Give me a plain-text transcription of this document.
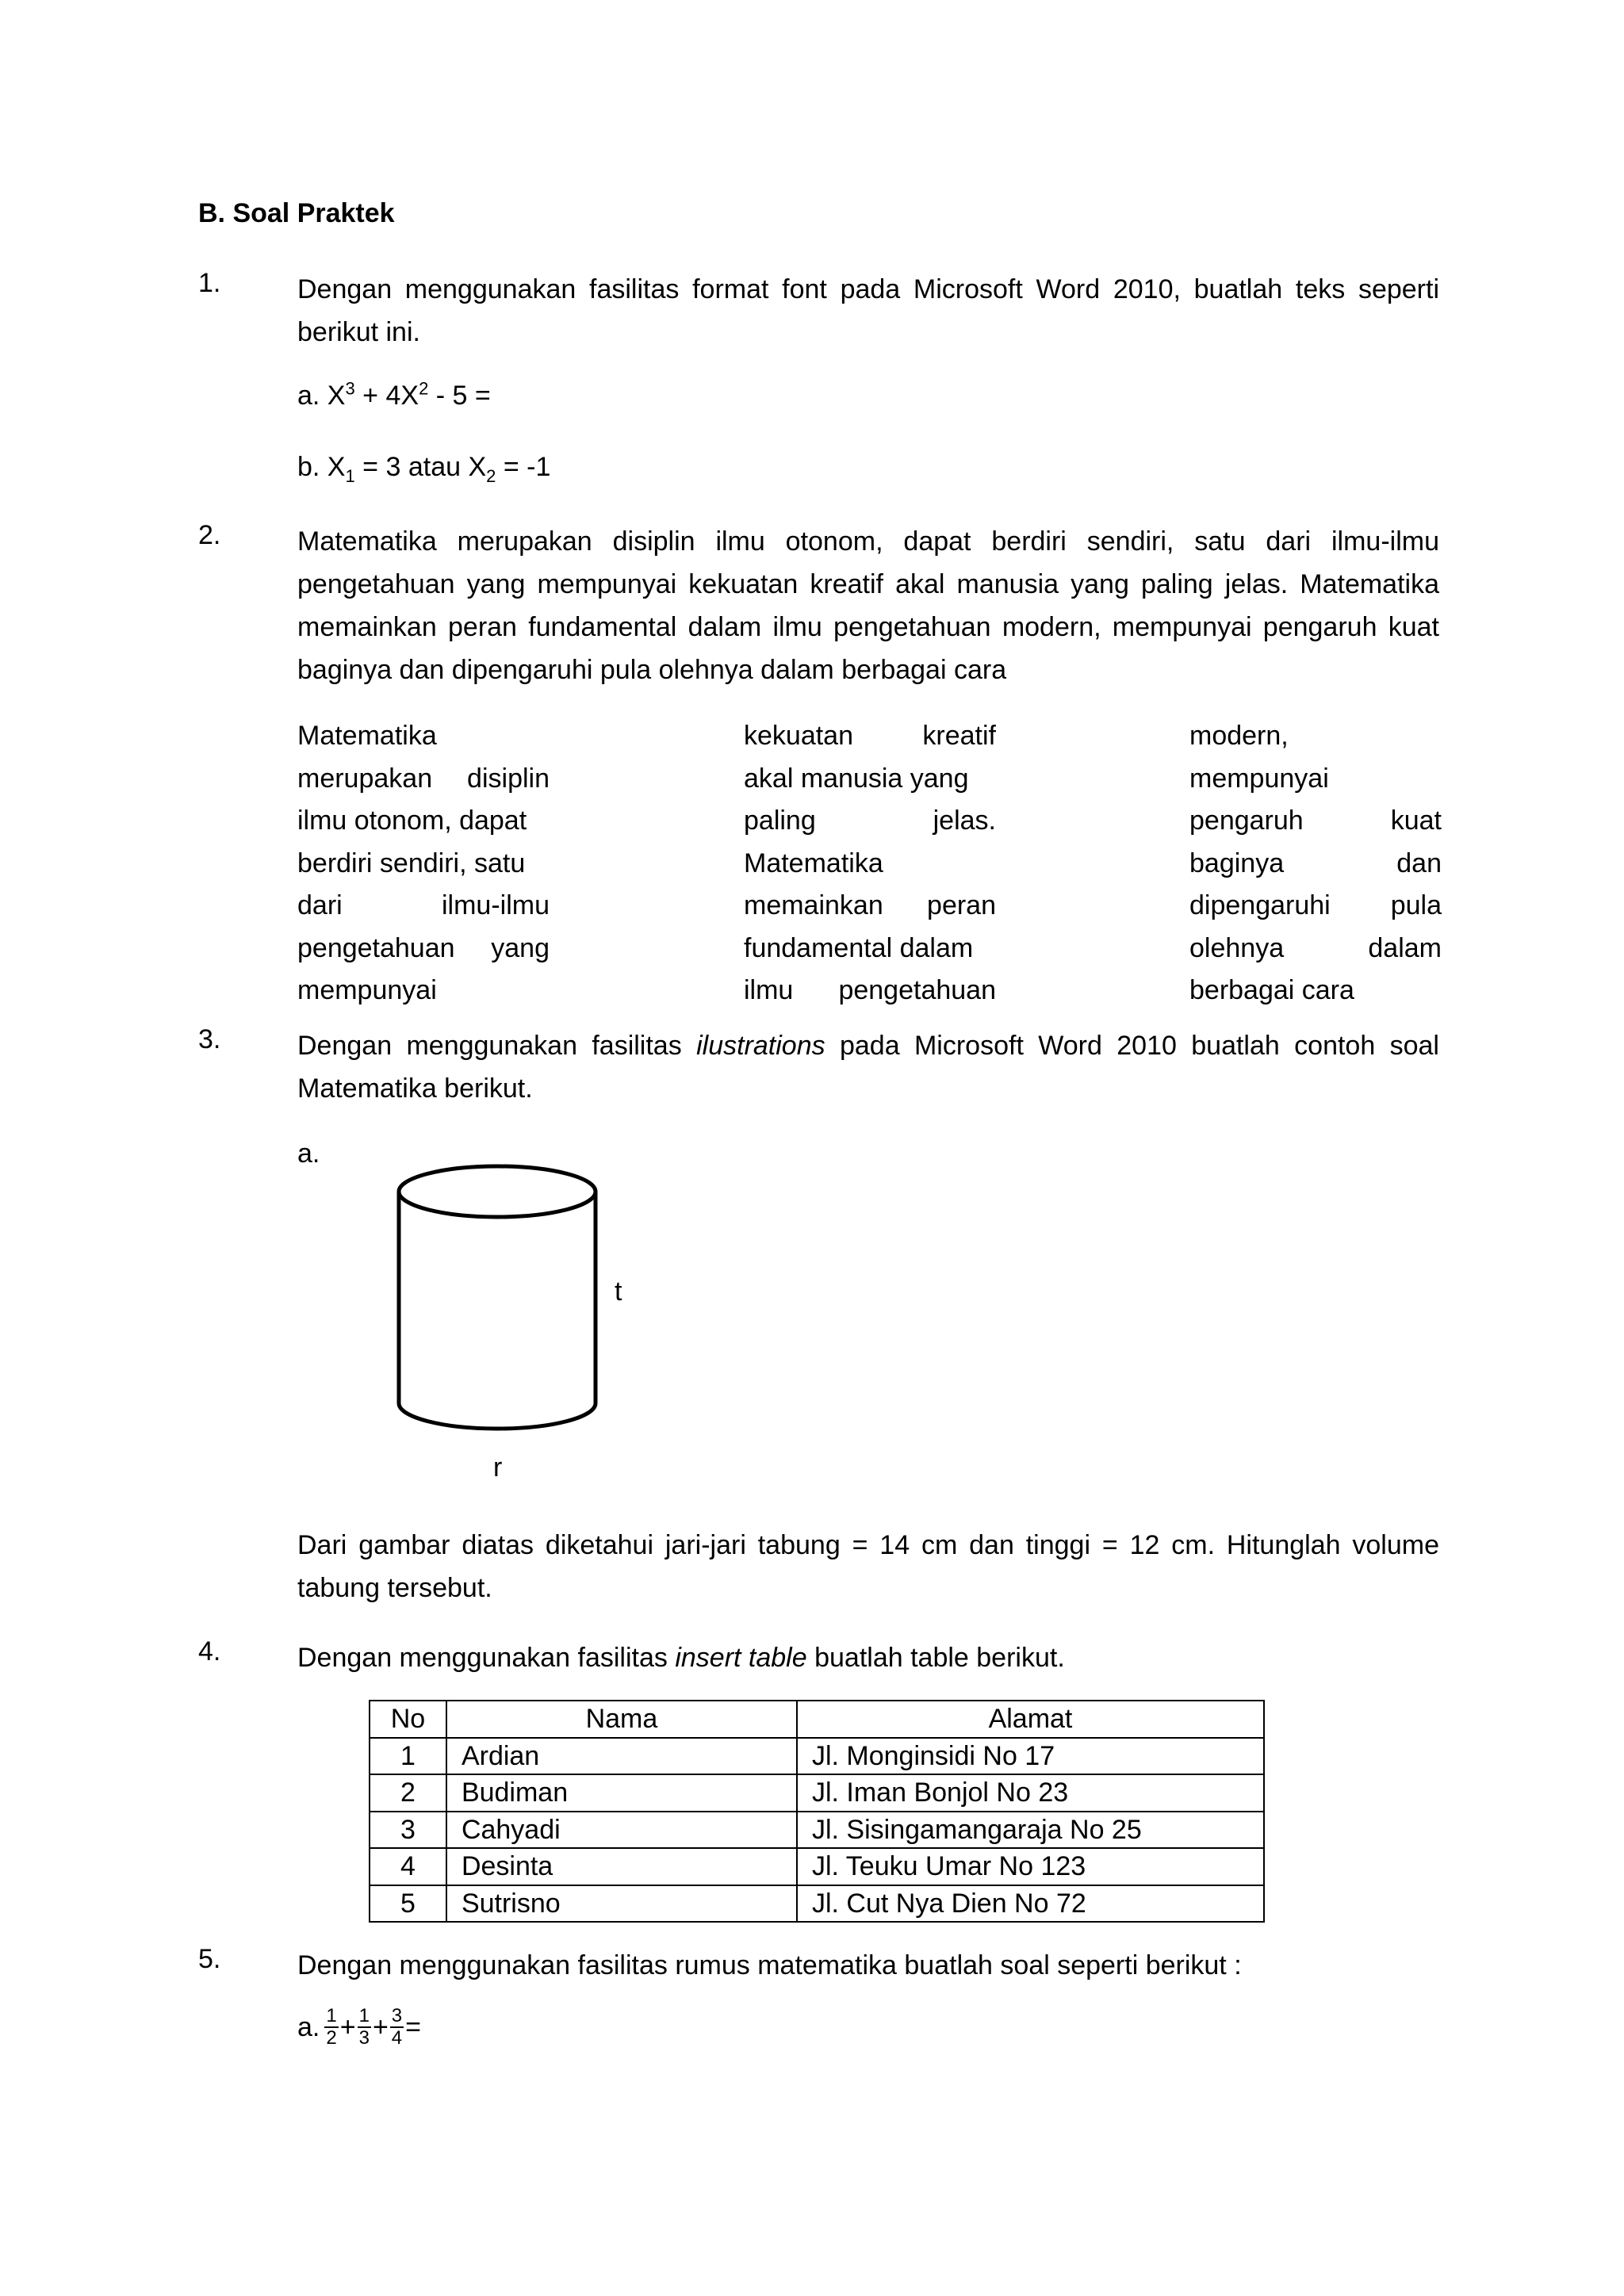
B. Soal Praktek
1.	Dengan menggunakan fasilitas format font pada Microsoft Word 2010, buatlah teks seperti berikut ini.
a. $X^3 + 4X^2 - 5$ =
b. $X_1 = 3$ atau $X_2 = -1$
2.	Matematika merupakan disiplin ilmu otonom, dapat berdiri sendiri, satu dari ilmu-ilmu pengetahuan yang mempunyai kekuatan kreatif akal manusia yang paling jelas. Matematika memainkan peran fundamental dalam ilmu pengetahuan modern, mempunyai pengaruh kuat baginya dan dipengaruhi pula olehnya dalam berbagai cara
Matematika
merupakan disiplin
ilmu otonom, dapat
berdiri sendiri, satu
dari	ilmu-ilmu
pengetahuan yang
mempunyai
kekuatan	kreatif
akal manusia yang
paling	jelas.
Matematika
memainkan peran
fundamental dalam
ilmu pengetahuan
modern,
mempunyai
pengaruh	kuat
baginya	dan
dipengaruhi pula
olehnya	dalam
berbagai cara
3.	Dengan menggunakan fasilitas ilustrations pada Microsoft Word 2010 buatlah contoh soal Matematika berikut.
a.
t
r
Dari gambar diatas diketahui jari-jari tabung = 14 cm dan tinggi = 12 cm. Hitunglah volume tabung tersebut.
4.	Dengan menggunakan fasilitas insert table buatlah table berikut.
No	Nama	Alamat
1	Ardian	Jl. Monginsidi No 17
2	Budiman	Jl. Iman Bonjol No 23
3	Cahyadi	Jl. Sisingamangaraja No 25
4	Desinta	Jl. Teuku Umar No 123
5	Sutrisno	Jl. Cut Nya Dien No 72
5.	Dengan menggunakan fasilitas rumus matematika buatlah soal seperti berikut :
a. $\frac{1}{2} + \frac{1}{3} + \frac{3}{4}$ =
